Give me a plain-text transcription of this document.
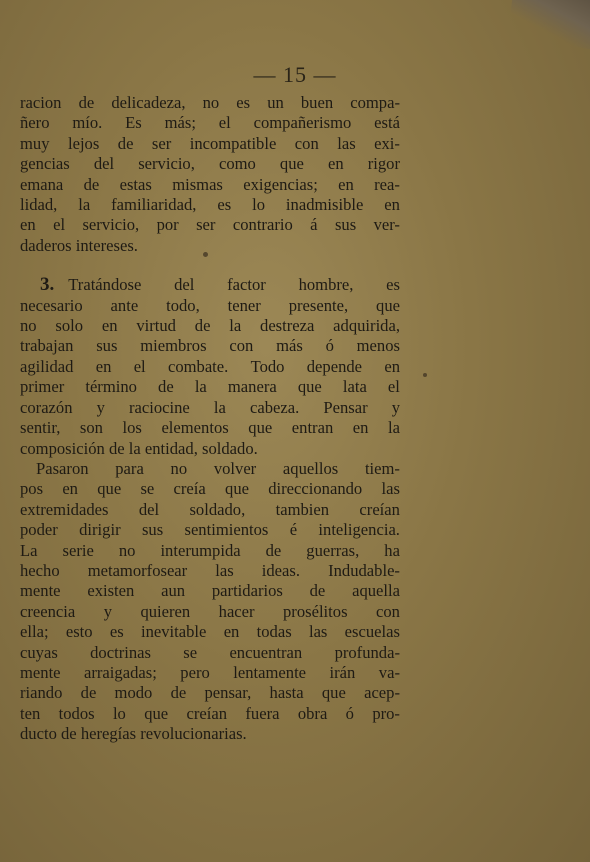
— 15 —
racion de delicadeza, no es un buen compa-
ñero mío. Es más; el compañerismo está
muy lejos de ser incompatible con las exi-
gencias del servicio, como que en rigor
emana de estas mismas exigencias; en rea-
lidad, la familiaridad, es lo inadmisible en
en el servicio, por ser contrario á sus ver-
daderos intereses.
3. Tratándose del factor hombre, es
necesario ante todo, tener presente, que
no solo en virtud de la destreza adquirida,
trabajan sus miembros con más ó menos
agilidad en el combate. Todo depende en
primer término de la manera que lata el
corazón y raciocine la cabeza. Pensar y
sentir, son los elementos que entran en la
composición de la entidad, soldado.
Pasaron para no volver aquellos tiem-
pos en que se creía que direccionando las
extremidades del soldado, tambien creían
poder dirigir sus sentimientos é inteligencia.
La serie no interumpida de guerras, ha
hecho metamorfosear las ideas. Indudable-
mente existen aun partidarios de aquella
creencia y quieren hacer prosélitos con
ella; esto es inevitable en todas las escuelas
cuyas doctrinas se encuentran profunda-
mente arraigadas; pero lentamente irán va-
riando de modo de pensar, hasta que acep-
ten todos lo que creían fuera obra ó pro-
ducto de heregías revolucionarias.
